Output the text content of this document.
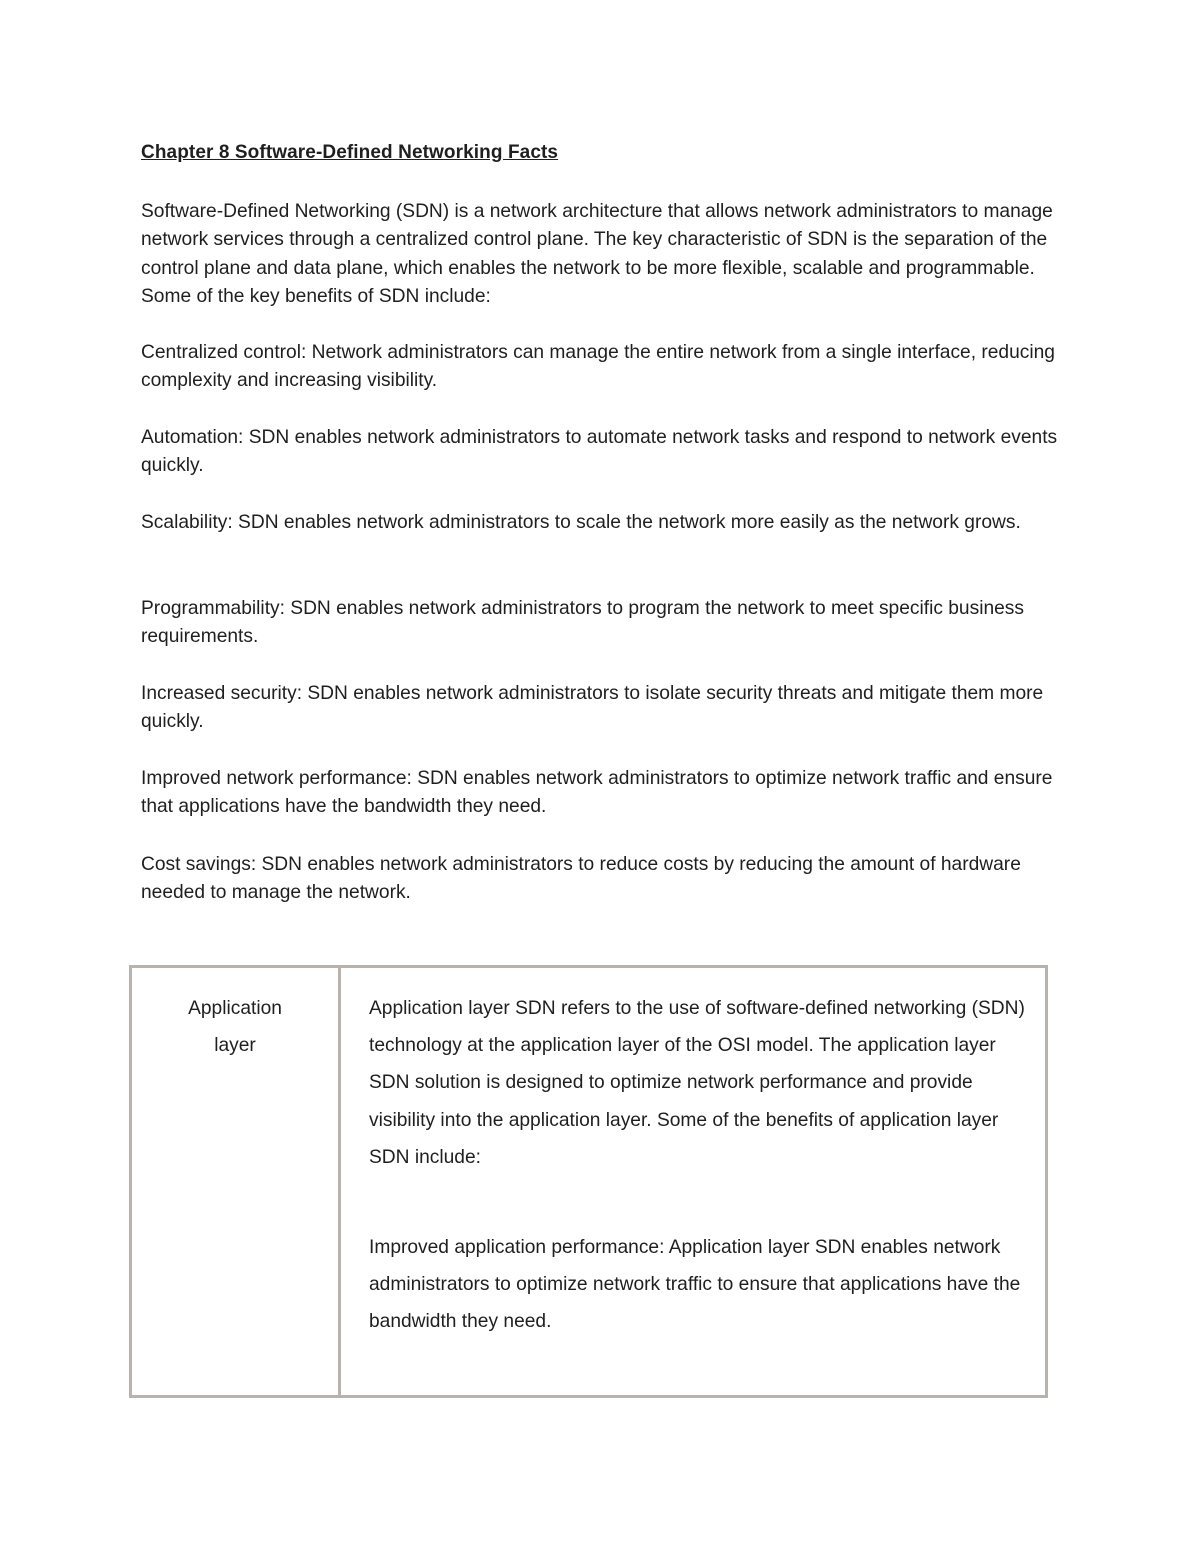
Chapter 8 Software-Defined Networking Facts

Software-Defined Networking (SDN) is a network architecture that allows network administrators to manage network services through a centralized control plane. The key characteristic of SDN is the separation of the control plane and data plane, which enables the network to be more flexible, scalable and programmable. Some of the key benefits of SDN include:

Centralized control: Network administrators can manage the entire network from a single interface, reducing complexity and increasing visibility.

Automation: SDN enables network administrators to automate network tasks and respond to network events quickly.

Scalability: SDN enables network administrators to scale the network more easily as the network grows.

Programmability: SDN enables network administrators to program the network to meet specific business requirements.

Increased security: SDN enables network administrators to isolate security threats and mitigate them more quickly.

Improved network performance: SDN enables network administrators to optimize network traffic and ensure that applications have the bandwidth they need.

Cost savings: SDN enables network administrators to reduce costs by reducing the amount of hardware needed to manage the network.

Application layer

Application layer SDN refers to the use of software-defined networking (SDN) technology at the application layer of the OSI model. The application layer SDN solution is designed to optimize network performance and provide visibility into the application layer. Some of the benefits of application layer SDN include:

Improved application performance: Application layer SDN enables network administrators to optimize network traffic to ensure that applications have the bandwidth they need.
